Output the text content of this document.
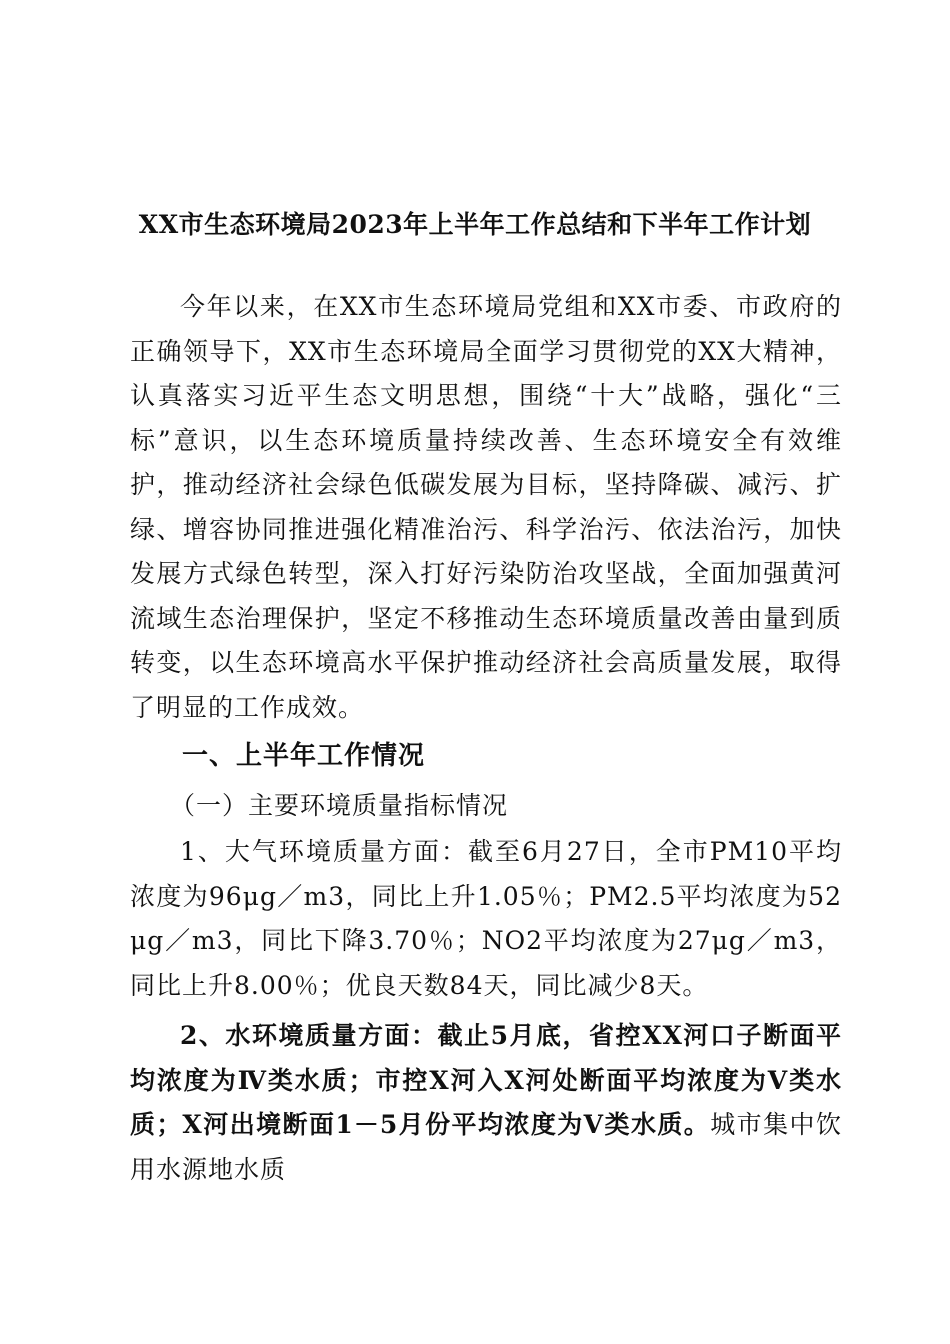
XX市生态环境局2023年上半年工作总结和下半年工作计划

今年以来，在XX市生态环境局党组和XX市委、市政府的正确领导下，XX市生态环境局全面学习贯彻党的XX大精神，认真落实习近平生态文明思想，围绕“十大”战略，强化“三标”意识，以生态环境质量持续改善、生态环境安全有效维护，推动经济社会绿色低碳发展为目标，坚持降碳、减污、扩绿、增容协同推进强化精准治污、科学治污、依法治污，加快发展方式绿色转型，深入打好污染防治攻坚战，全面加强黄河流域生态治理保护，坚定不移推动生态环境质量改善由量到质转变，以生态环境高水平保护推动经济社会高质量发展，取得了明显的工作成效。

一、上半年工作情况

（一）主要环境质量指标情况

1、大气环境质量方面：截至6月27日，全市PM10平均浓度为96μg／m3，同比上升1.05％；PM2.5平均浓度为52μg／m3，同比下降3.70％；NO2平均浓度为27μg／m3，同比上升8.00％；优良天数84天，同比减少8天。

2、水环境质量方面：截止5月底，省控XX河口子断面平均浓度为Ⅳ类水质；市控X河入X河处断面平均浓度为Ⅴ类水质；X河出境断面1－5月份平均浓度为Ⅴ类水质。城市集中饮用水源地水质
